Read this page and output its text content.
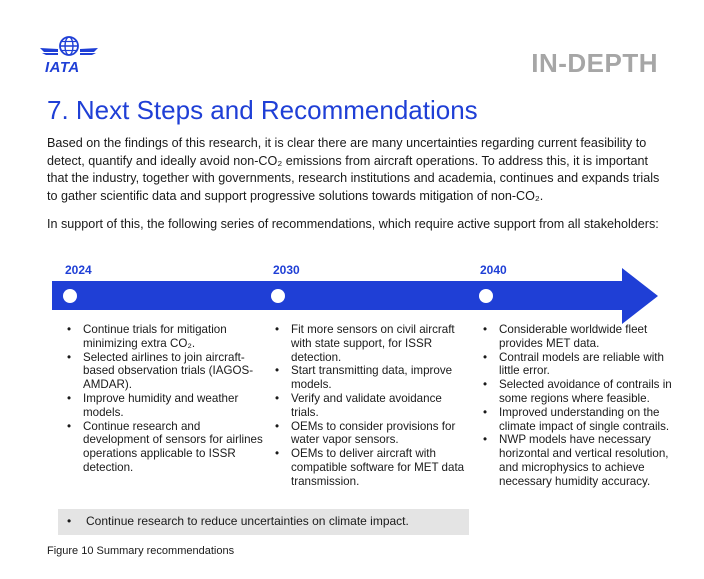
IATA	IN-DEPTH
7. Next Steps and Recommendations
Based on the findings of this research, it is clear there are many uncertainties regarding current feasibility to detect, quantify and ideally avoid non-CO₂ emissions from aircraft operations. To address this, it is important that the industry, together with governments, research institutions and academia, continues and expands trials to gather scientific data and support progressive solutions towards mitigation of non-CO₂.
In support of this, the following series of recommendations, which require active support from all stakeholders:
2024	2030	2040
• Continue trials for mitigation minimizing extra CO₂.
• Selected airlines to join aircraft-based observation trials (IAGOS-AMDAR).
• Improve humidity and weather models.
• Continue research and development of sensors for airlines operations applicable to ISSR detection.
• Fit more sensors on civil aircraft with state support, for ISSR detection.
• Start transmitting data, improve models.
• Verify and validate avoidance trials.
• OEMs to consider provisions for water vapor sensors.
• OEMs to deliver aircraft with compatible software for MET data transmission.
• Considerable worldwide fleet provides MET data.
• Contrail models are reliable with little error.
• Selected avoidance of contrails in some regions where feasible.
• Improved understanding on the climate impact of single contrails.
• NWP models have necessary horizontal and vertical resolution, and microphysics to achieve necessary humidity accuracy.
• Continue research to reduce uncertainties on climate impact.
Figure 10 Summary recommendations
